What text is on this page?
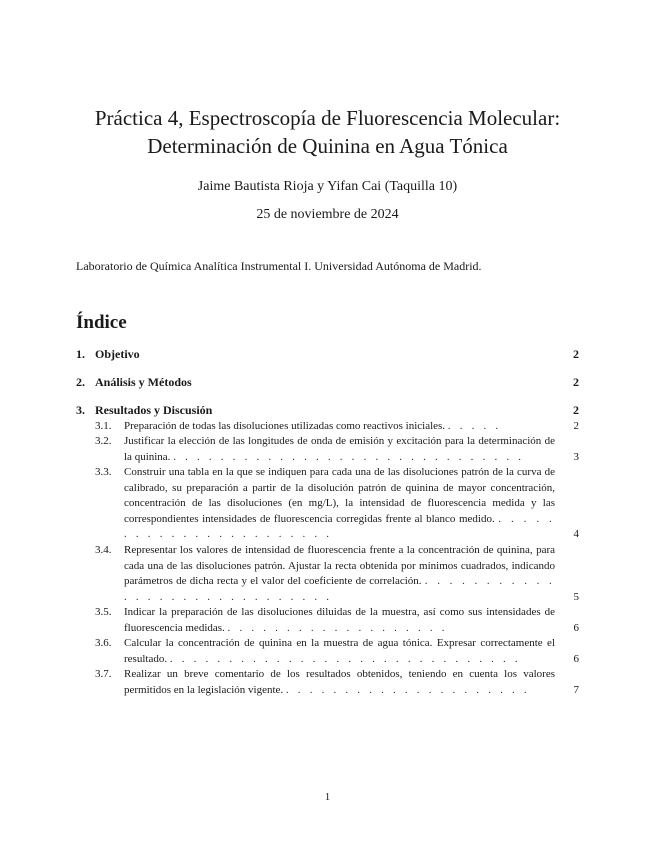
Práctica 4, Espectroscopía de Fluorescencia Molecular:
Determinación de Quinina en Agua Tónica
Jaime Bautista Rioja y Yifan Cai (Taquilla 10)
25 de noviembre de 2024
Laboratorio de Química Analítica Instrumental I. Universidad Autónoma de Madrid.
Índice
1. Objetivo	2
2. Análisis y Métodos	2
3. Resultados y Discusión	2
3.1. Preparación de todas las disoluciones utilizadas como reactivos iniciales. . . . . .	2
3.2. Justificar la elección de las longitudes de onda de emisión y excitación para la determinación de la quinina. . . . . . . . . . . . . . . . . . . . . . . . . . . . . . .	3
3.3. Construir una tabla en la que se indiquen para cada una de las disoluciones patrón de la curva de calibrado, su preparación a partir de la disolución patrón de quinina de mayor concentración, concentración de las disoluciones (en mg/L), la intensidad de fluorescencia medida y las correspondientes intensidades de fluorescencia corregidas frente al blanco medido. . . . . . . . . . . . . . . . . . . . . . . .	4
3.4. Representar los valores de intensidad de fluorescencia frente a la concentración de quinina, para cada una de las disoluciones patrón. Ajustar la recta obtenida por mínimos cuadrados, indicando parámetros de dicha recta y el valor del coeficiente de correlación. . . . . . . . . . . . . . . . . . . . . . . . . . . . . .	5
3.5. Indicar la preparación de las disoluciones diluidas de la muestra, así como sus intensidades de fluorescencia medidas. . . . . . . . . . . . . . . . . . . .	6
3.6. Calcular la concentración de quinina en la muestra de agua tónica. Expresar correctamente el resultado. . . . . . . . . . . . . . . . . . . . . . . . . . . . . . .	6
3.7. Realizar un breve comentario de los resultados obtenidos, teniendo en cuenta los valores permitidos en la legislación vigente. . . . . . . . . . . . . . . . . . . . . .	7
1
